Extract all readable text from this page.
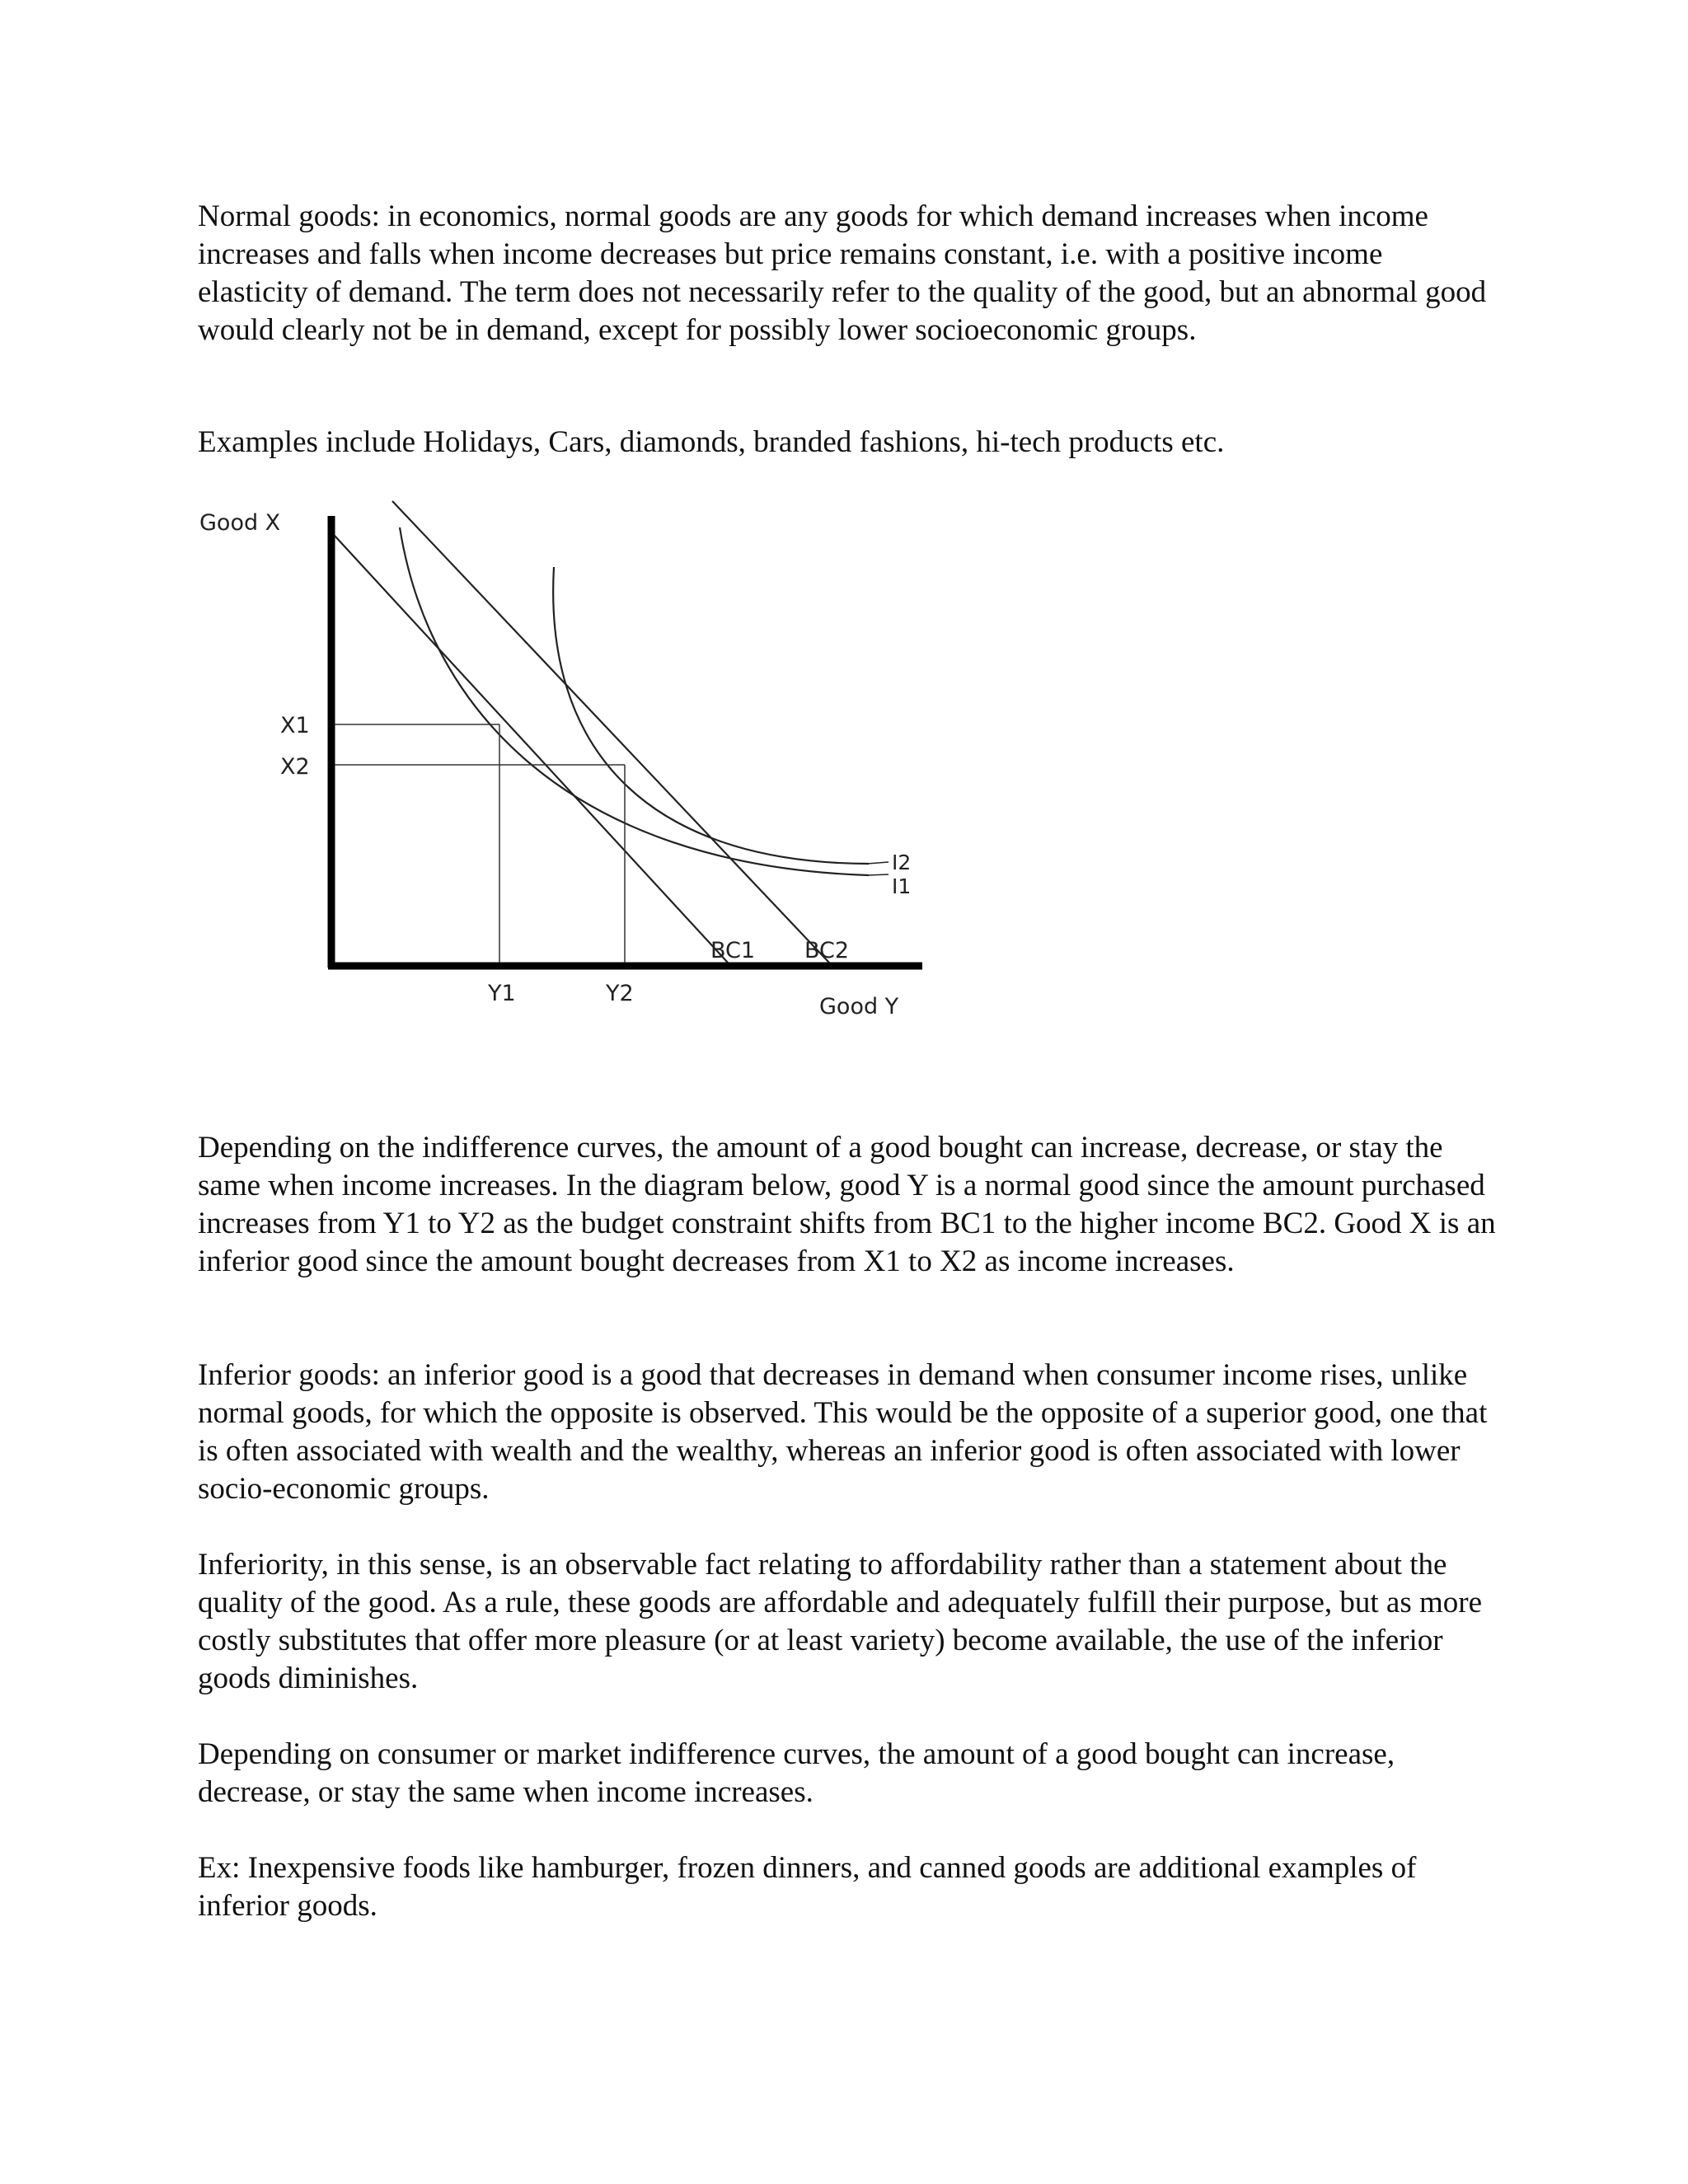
Normal goods: in economics, normal goods are any goods for which demand increases when income increases and falls when income decreases but price remains constant, i.e. with a positive income elasticity of demand. The term does not necessarily refer to the quality of the good, but an abnormal good would clearly not be in demand, except for possibly lower socioeconomic groups.

Examples include Holidays, Cars, diamonds, branded fashions, hi-tech products etc.

Good X
Good Y
X1
X2
Y1	Y2
BC1 BC2
I2
I1

Depending on the indifference curves, the amount of a good bought can increase, decrease, or stay the same when income increases. In the diagram below, good Y is a normal good since the amount purchased increases from Y1 to Y2 as the budget constraint shifts from BC1 to the higher income BC2. Good X is an inferior good since the amount bought decreases from X1 to X2 as income increases.

Inferior goods: an inferior good is a good that decreases in demand when consumer income rises, unlike normal goods, for which the opposite is observed. This would be the opposite of a superior good, one that is often associated with wealth and the wealthy, whereas an inferior good is often associated with lower socio-economic groups.

Inferiority, in this sense, is an observable fact relating to affordability rather than a statement about the quality of the good. As a rule, these goods are affordable and adequately fulfill their purpose, but as more costly substitutes that offer more pleasure (or at least variety) become available, the use of the inferior goods diminishes.

Depending on consumer or market indifference curves, the amount of a good bought can increase, decrease, or stay the same when income increases.

Ex: Inexpensive foods like hamburger, frozen dinners, and canned goods are additional examples of inferior goods.
